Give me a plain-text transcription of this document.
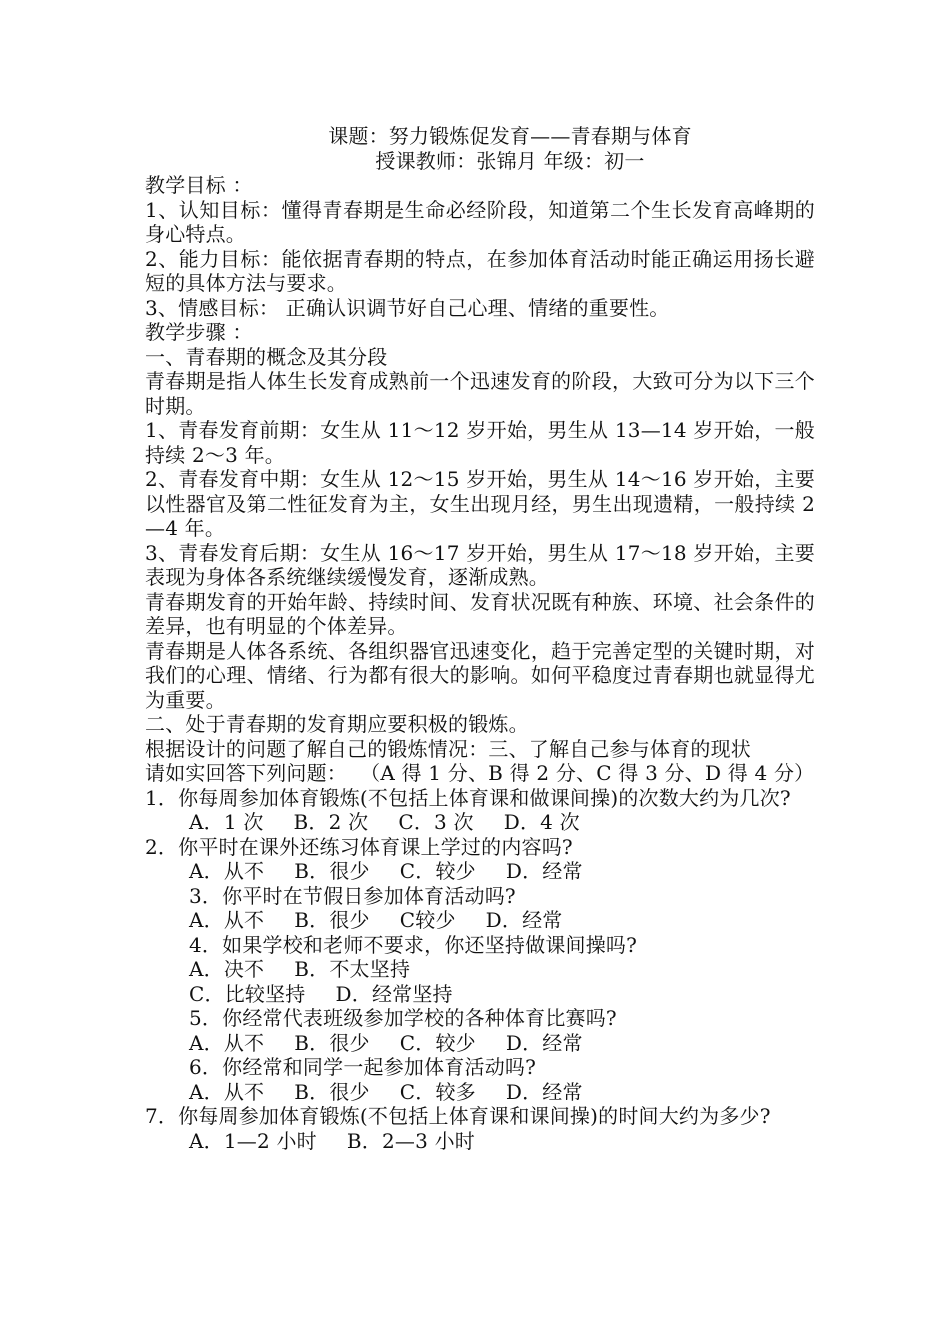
课题：努力锻炼促发育——青春期与体育
授课教师：张锦月 年级：初一
教学目标 ：
1、认知目标：懂得青春期是生命必经阶段，知道第二个生长发育高峰期的身心特点。
2、能力目标：能依据青春期的特点，在参加体育活动时能正确运用扬长避短的具体方法与要求。
3、情感目标： 正确认识调节好自己心理、情绪的重要性。
教学步骤 ：
一、青春期的概念及其分段
青春期是指人体生长发育成熟前一个迅速发育的阶段，大致可分为以下三个时期。
1、青春发育前期：女生从 11～12 岁开始，男生从 13—14 岁开始，一般持续 2～3 年。
2、青春发育中期：女生从 12～15 岁开始，男生从 14～16 岁开始，主要以性器官及第二性征发育为主，女生出现月经，男生出现遗精，一般持续 2—4 年。
3、青春发育后期：女生从 16～17 岁开始，男生从 17～18 岁开始，主要表现为身体各系统继续缓慢发育，逐渐成熟。
青春期发育的开始年龄、持续时间、发育状况既有种族、环境、社会条件的差异，也有明显的个体差异。
青春期是人体各系统、各组织器官迅速变化，趋于完善定型的关键时期，对我们的心理、情绪、行为都有很大的影响。如何平稳度过青春期也就显得尤为重要。
二、处于青春期的发育期应要积极的锻炼。
根据设计的问题了解自己的锻炼情况：三、了解自己参与体育的现状
请如实回答下列问题：  （A 得 1 分、B 得 2 分、C 得 3 分、D 得 4 分）
1．你每周参加体育锻炼(不包括上体育课和做课间操)的次数大约为几次?
A．1 次 B．2 次 C．3 次 D．4 次
2．你平时在课外还练习体育课上学过的内容吗?
A．从不 B．很少 C．较少 D．经常
3．你平时在节假日参加体育活动吗?
A．从不 B．很少 C较少 D．经常
4．如果学校和老师不要求，你还坚持做课间操吗?
A．决不 B．不太坚持
C．比较坚持 D．经常坚持
5．你经常代表班级参加学校的各种体育比赛吗?
A．从不 B．很少 C．较少 D．经常
6．你经常和同学一起参加体育活动吗?
A．从不 B．很少 C．较多 D．经常
7．你每周参加体育锻炼(不包括上体育课和课间操)的时间大约为多少?
A．1—2 小时 B．2—3 小时
